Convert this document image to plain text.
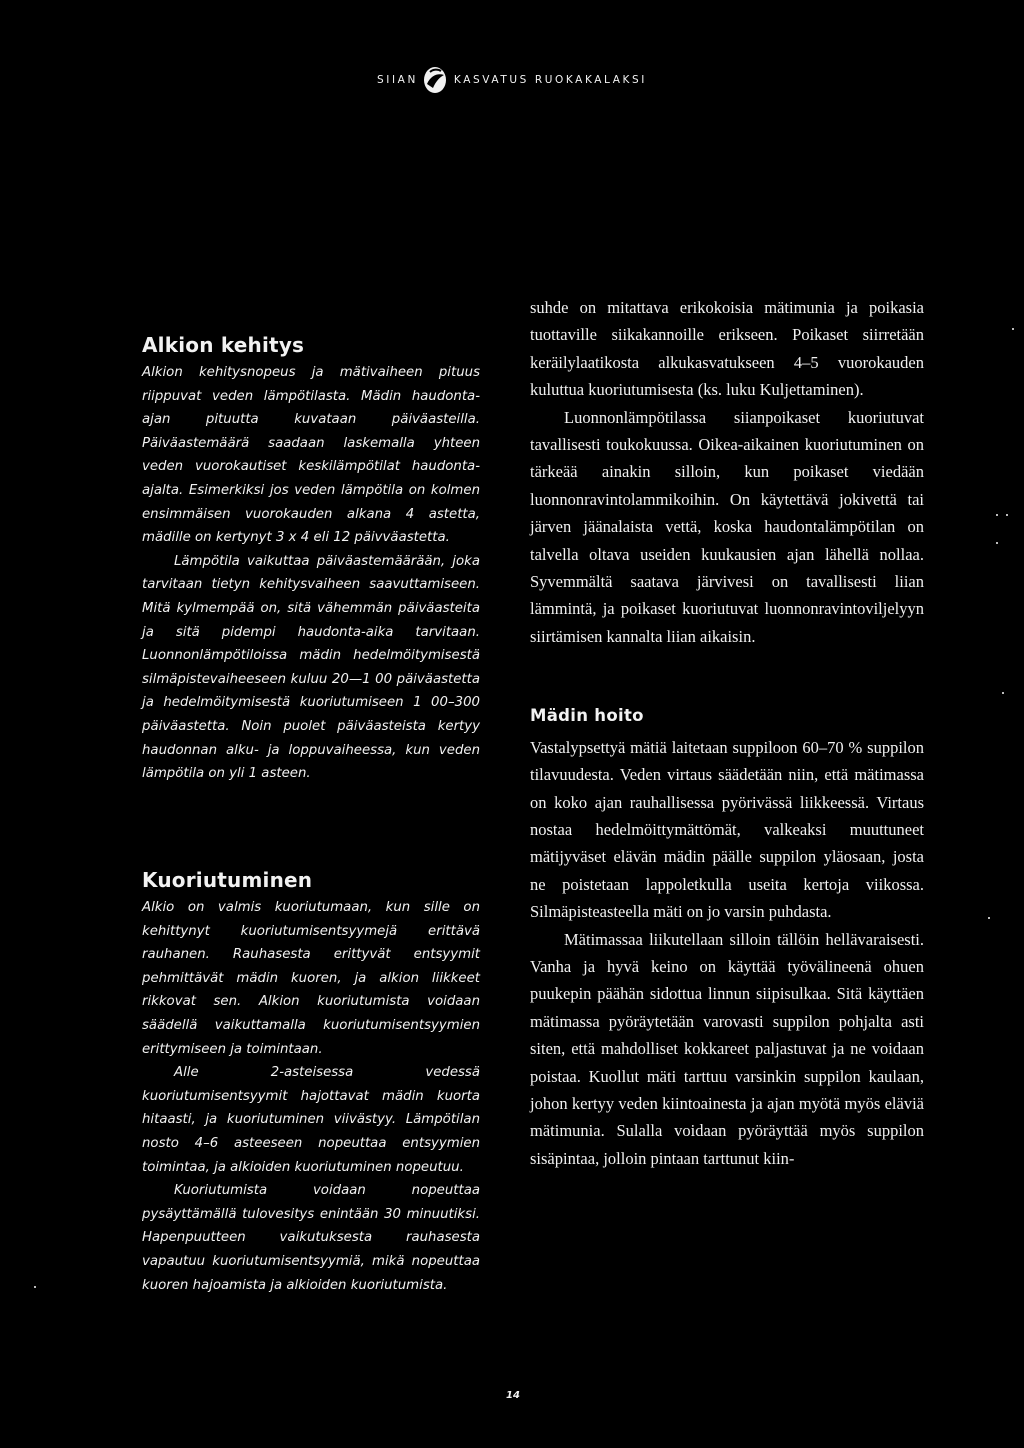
SIIAN	KASVATUS RUOKAKALAKSI
Alkion kehitys

Alkion kehitysnopeus ja mätivaiheen pituus riippuvat veden lämpötilasta. Mädin haudonta-ajan pituutta kuvataan päiväasteilla. Päiväastemäärä saadaan laskemalla yhteen veden vuorokautiset keskilämpötilat haudonta-ajalta. Esimerkiksi jos veden lämpötila on kolmen ensimmäisen vuorokauden alkana 4 astetta, mädille on kertynyt 3 x 4 eli 12 päivväastetta.

Lämpötila vaikuttaa päiväastemäärään, joka tarvitaan tietyn kehitysvaiheen saavuttamiseen. Mitä kylmempää on, sitä vähemmän päiväasteita ja sitä pidempi haudonta-aika tarvitaan. Luonnonlämpötiloissa mädin hedelmöitymisestä silmäpistevaiheeseen kuluu 20—1 00 päiväastetta ja hedelmöitymisestä kuoriutumiseen 1 00–300 päiväastetta. Noin puolet päiväasteista kertyy haudonnan alku- ja loppuvaiheessa, kun veden lämpötila on yli 1 asteen.

Kuoriutuminen

Alkio on valmis kuoriutumaan, kun sille on kehittynyt kuoriutumisentsyymejä erittävä rauhanen. Rauhasesta erittyvät entsyymit pehmittävät mädin kuoren, ja alkion liikkeet rikkovat sen. Alkion kuoriutumista voidaan säädellä vaikuttamalla kuoriutumisentsyymien erittymiseen ja toimintaan.

Alle 2-asteisessa vedessä kuoriutumisentsyymit hajottavat mädin kuorta hitaasti, ja kuoriutuminen viivästyy. Lämpötilan nosto 4–6 asteeseen nopeuttaa entsyymien toimintaa, ja alkioiden kuoriutuminen nopeutuu.

Kuoriutumista voidaan nopeuttaa pysäyttämällä tulovesitys enintään 30 minuutiksi. Hapenpuutteen vaikutuksesta rauhasesta vapautuu kuoriutumisentsyymiä, mikä nopeuttaa kuoren hajoamista ja alkioiden kuoriutumista.

suhde on mitattava erikokoisia mätimunia ja poikasia tuottaville siikakannoille erikseen. Poikaset siirretään keräilylaatikosta alkukasvatukseen 4–5 vuorokauden kuluttua kuoriutumisesta (ks. luku Kuljettaminen).

Luonnonlämpötilassa siianpoikaset kuoriutuvat tavallisesti toukokuussa. Oikea-aikainen kuoriutuminen on tärkeää ainakin silloin, kun poikaset viedään luonnonravintolammikoihin. On käytettävä jokivettä tai järven jäänalaista vettä, koska haudontalämpötilan on talvella oltava useiden kuukausien ajan lähellä nollaa. Syvemmältä saatava järvivesi on tavallisesti liian lämmintä, ja poikaset kuoriutuvat luonnonravintoviljelyyn siirtämisen kannalta liian aikaisin.

Mädin hoito

Vastalypsettyä mätiä laitetaan suppiloon 60–70 % suppilon tilavuudesta. Veden virtaus säädetään niin, että mätimassa on koko ajan rauhallisessa pyörivässä liikkeessä. Virtaus nostaa hedelmöittymättömät, valkeaksi muuttuneet mätijyväset elävän mädin päälle suppilon yläosaan, josta ne poistetaan lappoletkulla useita kertoja viikossa. Silmäpisteasteella mäti on jo varsin puhdasta.

Mätimassaa liikutellaan silloin tällöin hellävaraisesti. Vanha ja hyvä keino on käyttää työvälineenä ohuen puukepin päähän sidottua linnun siipisulkaa. Sitä käyttäen mätimassa pyöräytetään varovasti suppilon pohjalta asti siten, että mahdolliset kokkareet paljastuvat ja ne voidaan poistaa. Kuollut mäti tarttuu varsinkin suppilon kaulaan, johon kertyy veden kiintoainesta ja ajan myötä myös eläviä mätimunia. Sulalla voidaan pyöräyttää myös suppilon sisäpintaa, jolloin pintaan tarttunut kiin-

14
